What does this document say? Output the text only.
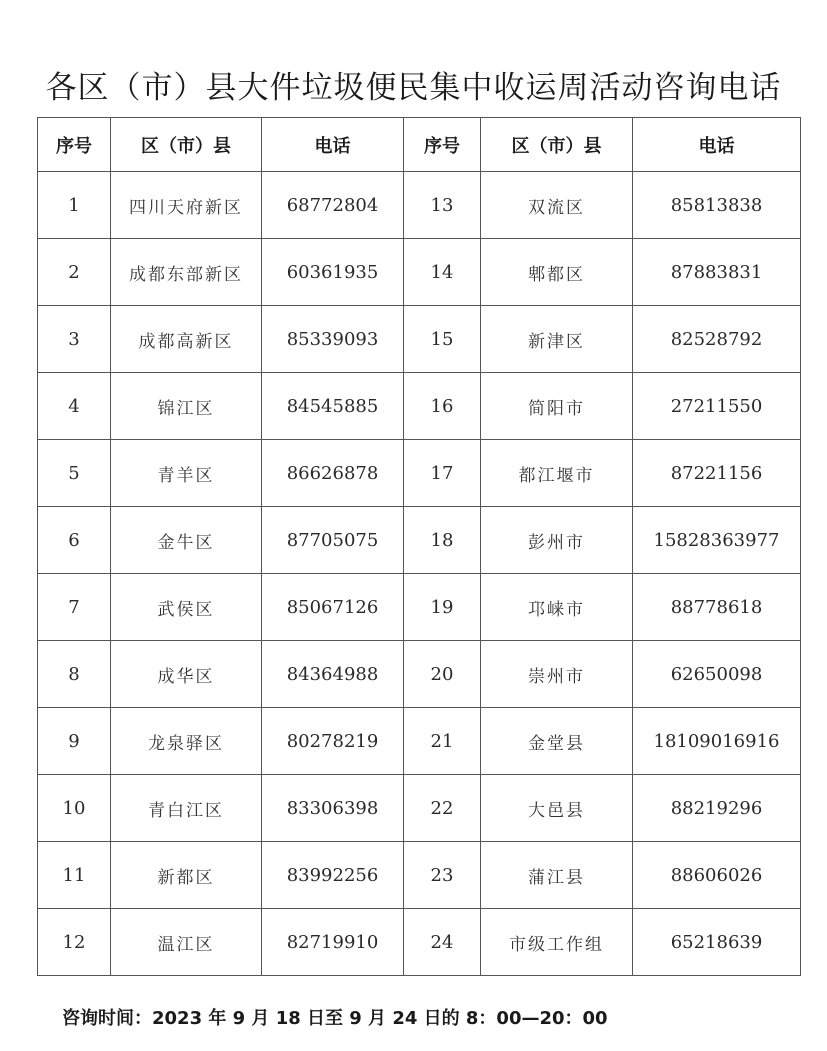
各区（市）县大件垃圾便民集中收运周活动咨询电话
序号	区（市）县	电话	序号	区（市）县	电话
1	四川天府新区	68772804	13	双流区	85813838
2	成都东部新区	60361935	14	郫都区	87883831
3	成都高新区	85339093	15	新津区	82528792
4	锦江区	84545885	16	简阳市	27211550
5	青羊区	86626878	17	都江堰市	87221156
6	金牛区	87705075	18	彭州市	15828363977
7	武侯区	85067126	19	邛崃市	88778618
8	成华区	84364988	20	崇州市	62650098
9	龙泉驿区	80278219	21	金堂县	18109016916
10	青白江区	83306398	22	大邑县	88219296
11	新都区	83992256	23	蒲江县	88606026
12	温江区	82719910	24	市级工作组	65218639
咨询时间：2023 年 9 月 18 日至 9 月 24 日的 8：00—20：00
